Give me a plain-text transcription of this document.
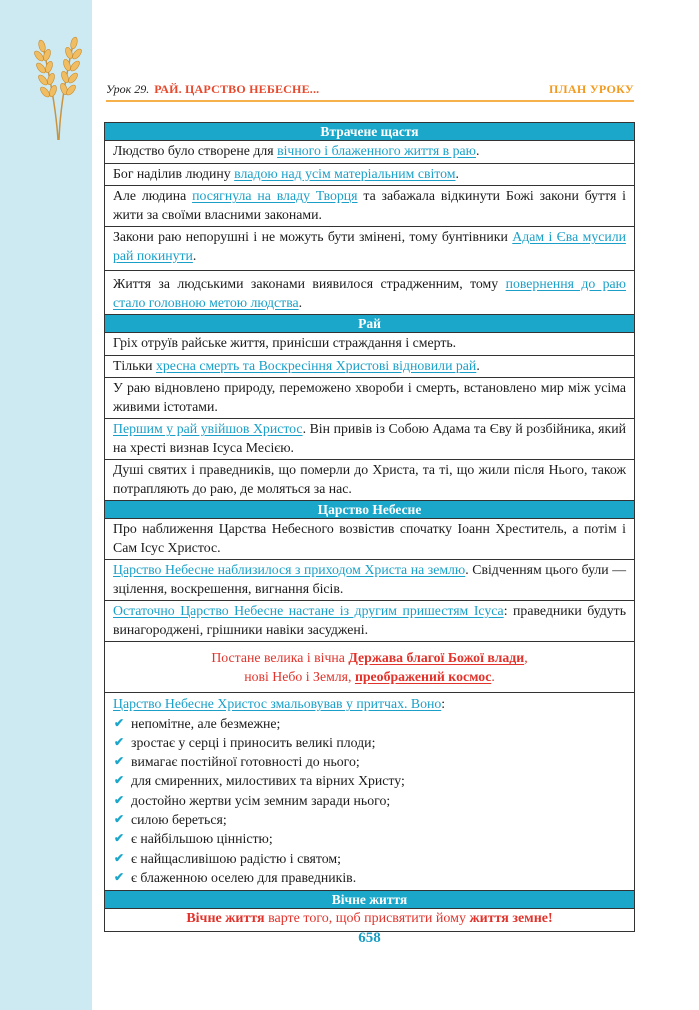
Урок 29. РАЙ. ЦАРСТВО НЕБЕСНЕ...	ПЛАН УРОКУ
Втрачене щастя
Людство було створене для вічного і блаженного життя в раю.
Бог наділив людину владою над усім матеріальним світом.
Але людина посягнула на владу Творця та забажала відкинути Божі закони буття і жити за своїми власними законами.
Закони раю непорушні і не можуть бути змінені, тому бунтівники Адам і Єва мусили рай покинути.
Життя за людськими законами виявилося страдженним, тому повернення до раю стало головною метою людства.
Рай
Гріх отруїв райське життя, принісши страждання і смерть.
Тільки хресна смерть та Воскресіння Христові відновили рай.
У раю відновлено природу, переможено хвороби і смерть, встановлено мир між усіма живими істотами.
Першим у рай увійшов Христос. Він привів із Собою Адама та Єву й розбійника, який на хресті визнав Ісуса Месією.
Душі святих і праведників, що померли до Христа, та ті, що жили після Нього, також потрапляють до раю, де моляться за нас.
Царство Небесне
Про наближення Царства Небесного возвістив спочатку Іоанн Хреститель, а потім і Сам Ісус Христос.
Царство Небесне наблизилося з приходом Христа на землю. Свідченням цього були — зцілення, воскрешення, вигнання бісів.
Остаточно Царство Небесне настане із другим пришестям Ісуса: праведники будуть винагороджені, грішники навіки засуджені.
Постане велика і вічна Держава благої Божої влади,
нові Небо і Земля, преображений космос.
Царство Небесне Христос змальовував у притчах. Воно:
✔ непомітне, але безмежне;
✔ зростає у серці і приносить великі плоди;
✔ вимагає постійної готовності до нього;
✔ для смиренних, милостивих та вірних Христу;
✔ достойно жертви усім земним заради нього;
✔ силою береться;
✔ є найбільшою цінністю;
✔ є найщасливішою радістю і святом;
✔ є блаженною оселею для праведників.
Вічне життя
Вічне життя варте того, щоб присвятити йому життя земне!
658
